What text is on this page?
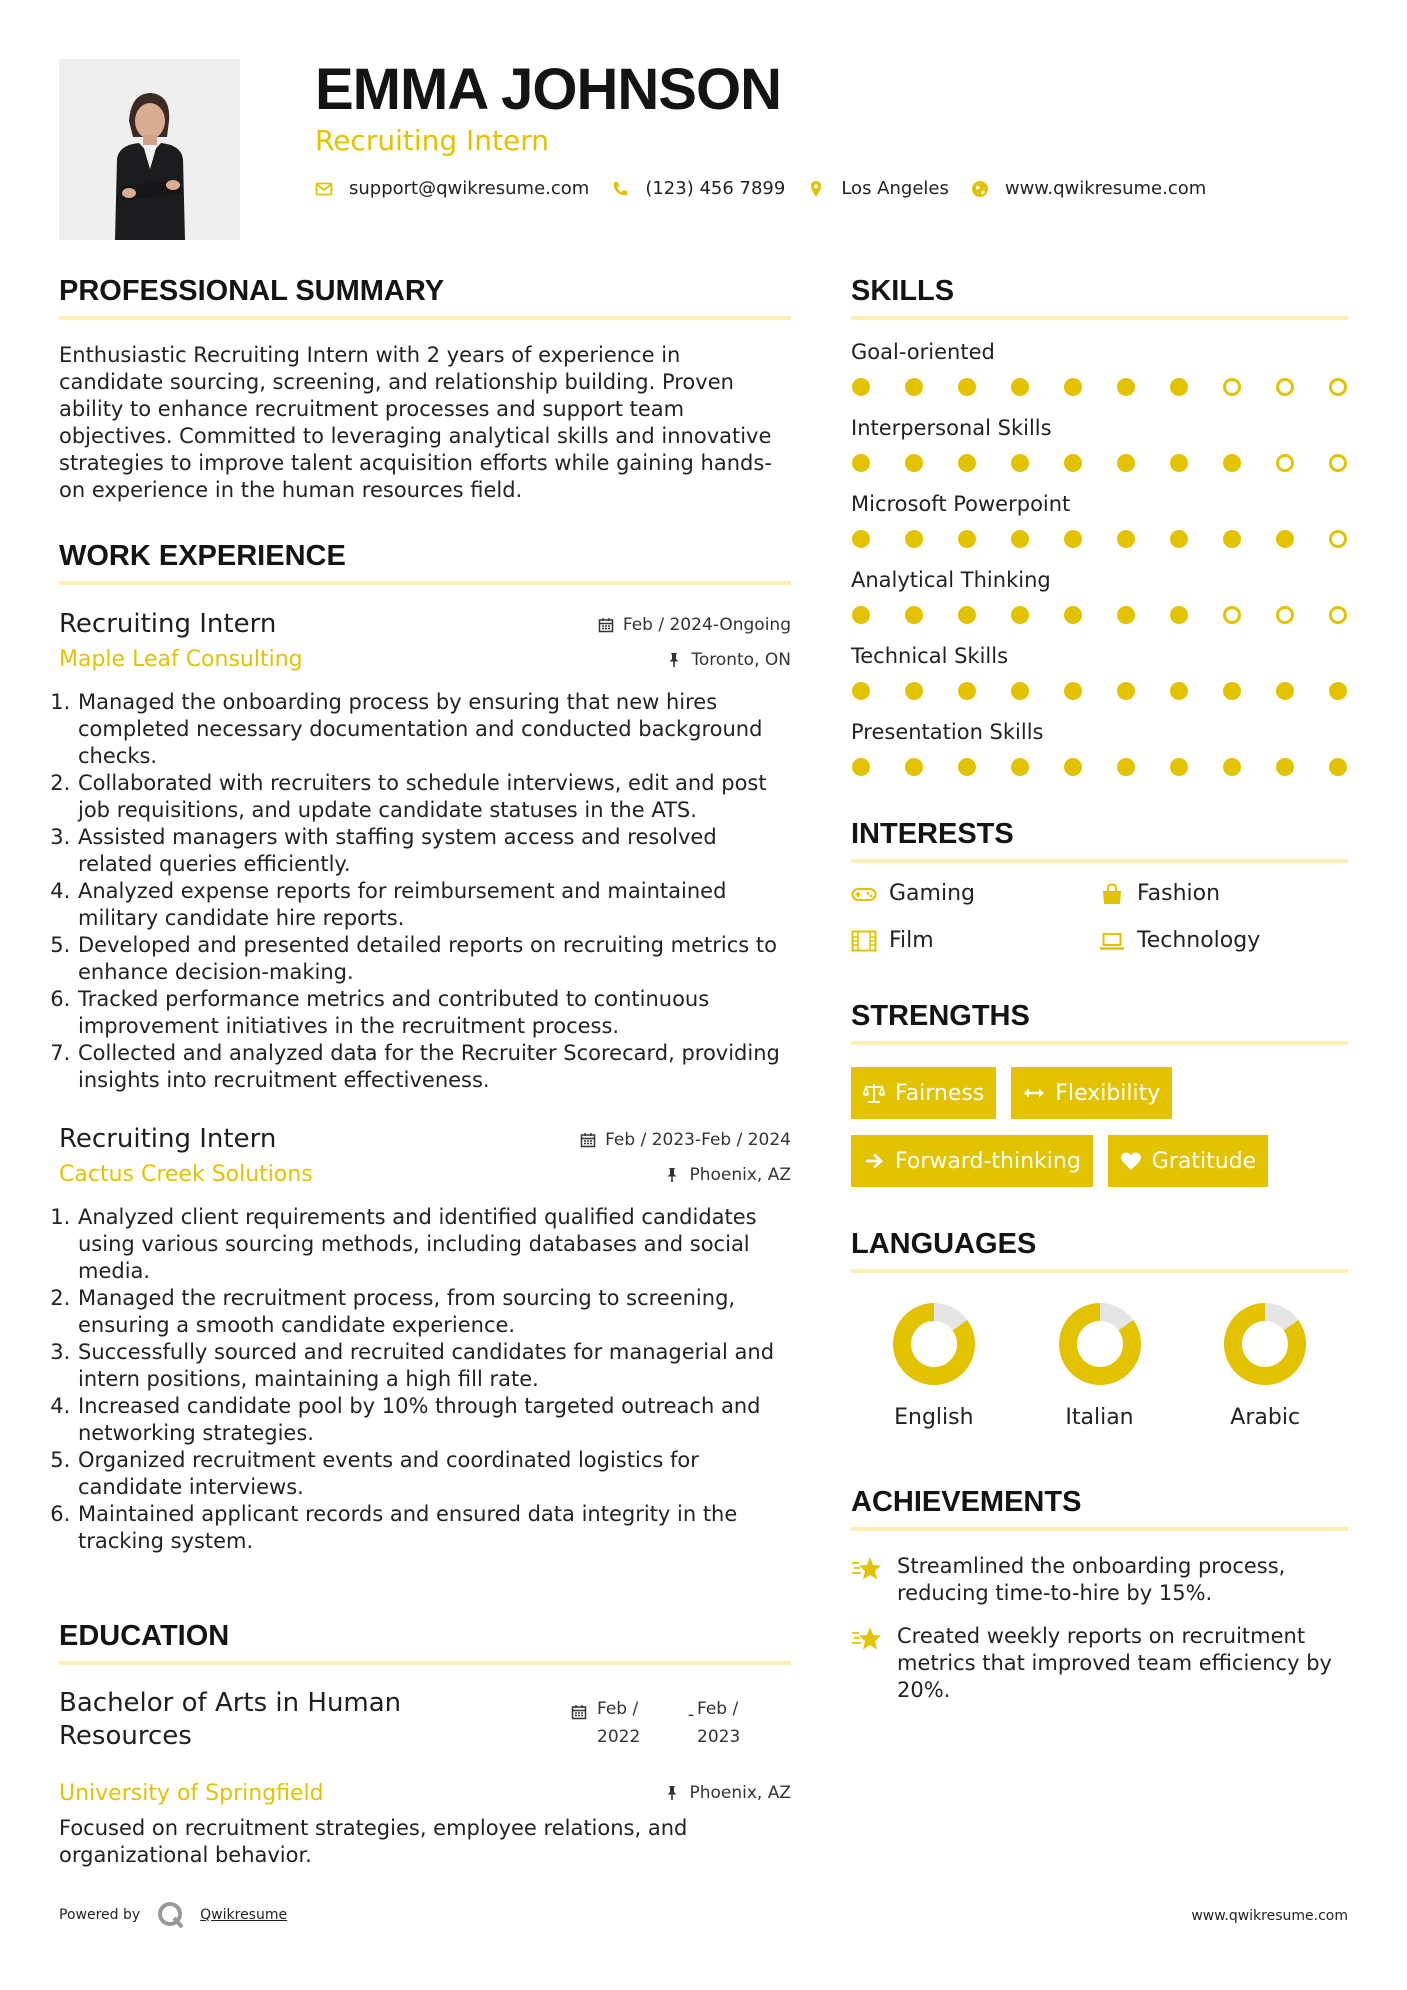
EMMA JOHNSON
Recruiting Intern
support@qwikresume.com	(123) 456 7899	Los Angeles	www.qwikresume.com
PROFESSIONAL SUMMARY
Enthusiastic Recruiting Intern with 2 years of experience in candidate sourcing, screening, and relationship building. Proven ability to enhance recruitment processes and support team objectives. Committed to leveraging analytical skills and innovative strategies to improve talent acquisition efforts while gaining hands-on experience in the human resources field.
WORK EXPERIENCE
Recruiting Intern
Maple Leaf Consulting
Feb / 2024-Ongoing
Toronto, ON
1. Managed the onboarding process by ensuring that new hires completed necessary documentation and conducted background checks.
2. Collaborated with recruiters to schedule interviews, edit and post job requisitions, and update candidate statuses in the ATS.
3. Assisted managers with staffing system access and resolved related queries efficiently.
4. Analyzed expense reports for reimbursement and maintained military candidate hire reports.
5. Developed and presented detailed reports on recruiting metrics to enhance decision-making.
6. Tracked performance metrics and contributed to continuous improvement initiatives in the recruitment process.
7. Collected and analyzed data for the Recruiter Scorecard, providing insights into recruitment effectiveness.
Recruiting Intern
Cactus Creek Solutions
Feb / 2023-Feb / 2024
Phoenix, AZ
1. Analyzed client requirements and identified qualified candidates using various sourcing methods, including databases and social media.
2. Managed the recruitment process, from sourcing to screening, ensuring a smooth candidate experience.
3. Successfully sourced and recruited candidates for managerial and intern positions, maintaining a high fill rate.
4. Increased candidate pool by 10% through targeted outreach and networking strategies.
5. Organized recruitment events and coordinated logistics for candidate interviews.
6. Maintained applicant records and ensured data integrity in the tracking system.
EDUCATION
Bachelor of Arts in Human Resources
Feb / 2022
- Feb / 2023
University of Springfield	Phoenix, AZ
Focused on recruitment strategies, employee relations, and organizational behavior.
SKILLS
Goal-oriented
Interpersonal Skills
Microsoft Powerpoint
Analytical Thinking
Technical Skills
Presentation Skills
INTERESTS
Gaming	Fashion
Film	Technology
STRENGTHS
Fairness	Flexibility
Forward-thinking	Gratitude
LANGUAGES
English	Italian	Arabic
ACHIEVEMENTS
Streamlined the onboarding process, reducing time-to-hire by 15%.
Created weekly reports on recruitment metrics that improved team efficiency by 20%.
Powered by	Qwikresume	www.qwikresume.com
